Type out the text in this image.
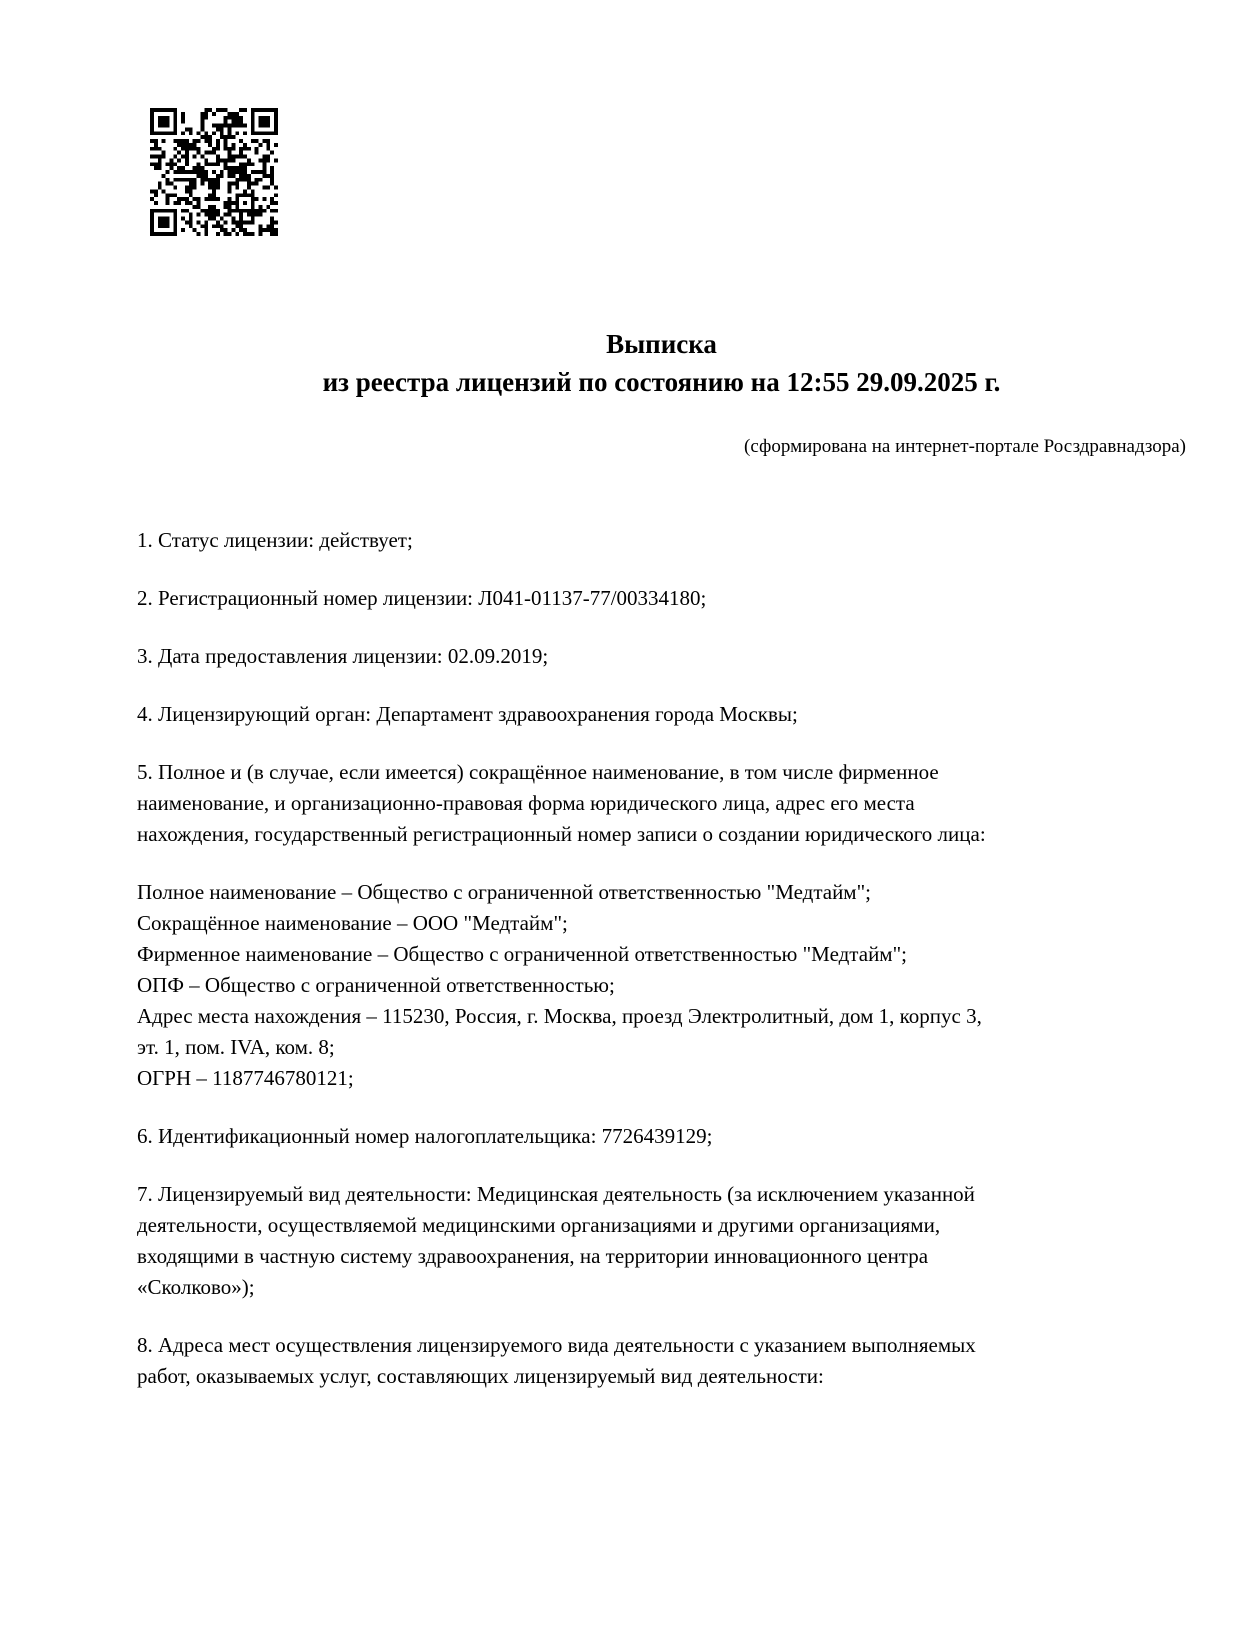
Выписка
из реестра лицензий по состоянию на 12:55 29.09.2025 г.
(сформирована на интернет-портале Росздравнадзора)

1. Статус лицензии: действует;

2. Регистрационный номер лицензии: Л041-01137-77/00334180;

3. Дата предоставления лицензии: 02.09.2019;

4. Лицензирующий орган: Департамент здравоохранения города Москвы;

5. Полное и (в случае, если имеется) сокращённое наименование, в том числе фирменное
наименование, и организационно-правовая форма юридического лица, адрес его места
нахождения, государственный регистрационный номер записи о создании юридического лица:

Полное наименование – Общество с ограниченной ответственностью "Медтайм";

Сокращённое наименование – ООО "Медтайм";

Фирменное наименование – Общество с ограниченной ответственностью "Медтайм";

ОПФ – Общество с ограниченной ответственностью;

Адрес места нахождения – 115230, Россия, г. Москва, проезд Электролитный, дом 1, корпус 3,
эт. 1, пом. IVA, ком. 8;

ОГРН – 1187746780121;

6. Идентификационный номер налогоплательщика: 7726439129;

7. Лицензируемый вид деятельности: Медицинская деятельность (за исключением указанной
деятельности, осуществляемой медицинскими организациями и другими организациями,
входящими в частную систему здравоохранения, на территории инновационного центра
«Сколково»);

8. Адреса мест осуществления лицензируемого вида деятельности с указанием выполняемых
работ, оказываемых услуг, составляющих лицензируемый вид деятельности:
